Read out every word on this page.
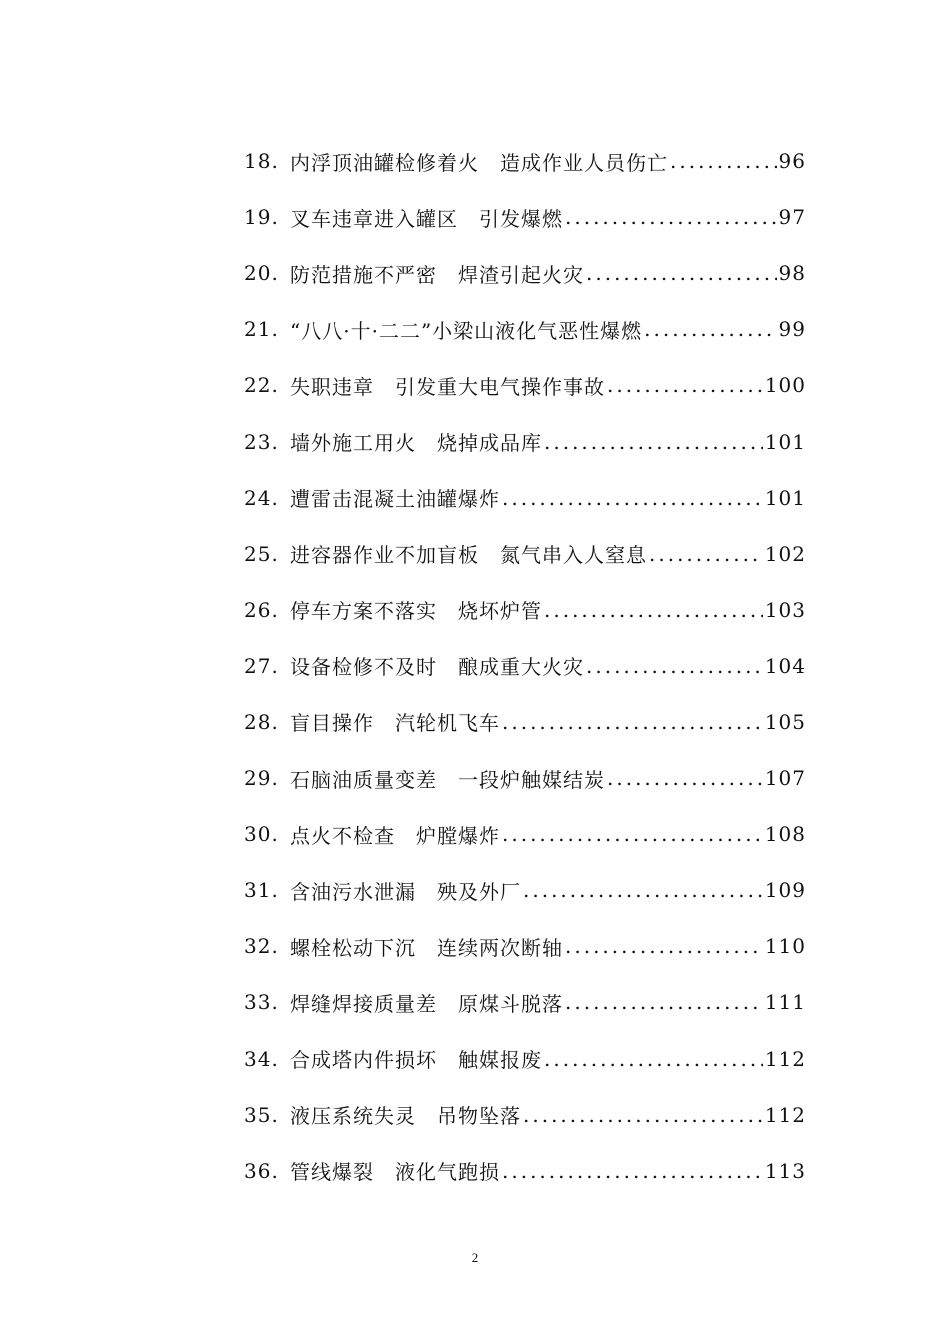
18. 内浮顶油罐检修着火　造成作业人员伤亡 .....	96
19. 叉车违章进入罐区　引发爆燃 .....	97
20. 防范措施不严密　焊渣引起火灾 .....	98
21. “八八·十·二二”小梁山液化气恶性爆燃 .....	99
22. 失职违章　引发重大电气操作事故 .....	100
23. 墙外施工用火　烧掉成品库 .....	101
24. 遭雷击混凝土油罐爆炸 .....	101
25. 进容器作业不加盲板　氮气串入人窒息 .....	102
26. 停车方案不落实　烧坏炉管 .....	103
27. 设备检修不及时　酿成重大火灾 .....	104
28. 盲目操作　汽轮机飞车 .....	105
29. 石脑油质量变差　一段炉触媒结炭 .....	107
30. 点火不检查　炉膛爆炸 .....	108
31. 含油污水泄漏　殃及外厂 .....	109
32. 螺栓松动下沉　连续两次断轴 .....	110
33. 焊缝焊接质量差　原煤斗脱落 .....	111
34. 合成塔内件损坏　触媒报废 .....	112
35. 液压系统失灵　吊物坠落 .....	112
36. 管线爆裂　液化气跑损 .....	113
2
